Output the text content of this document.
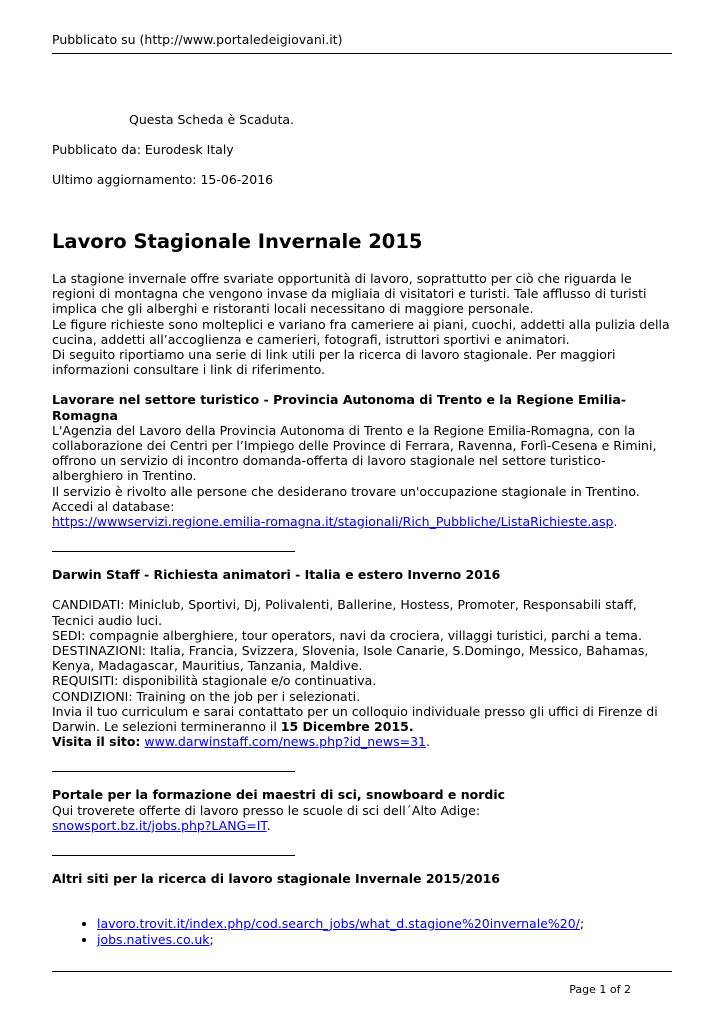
Pubblicato su (http://www.portaledeigiovani.it)
Questa Scheda è Scaduta.
Pubblicato da: Eurodesk Italy
Ultimo aggiornamento: 15-06-2016
Lavoro Stagionale Invernale 2015

La stagione invernale offre svariate opportunità di lavoro, soprattutto per ciò che riguarda le regioni di montagna che vengono invase da migliaia di visitatori e turisti. Tale afflusso di turisti implica che gli alberghi e ristoranti locali necessitano di maggiore personale.

Le figure richieste sono molteplici e variano fra cameriere ai piani, cuochi, addetti alla pulizia della cucina, addetti all’accoglienza e camerieri, fotografi, istruttori sportivi e animatori.

Di seguito riportiamo una serie di link utili per la ricerca di lavoro stagionale. Per maggiori informazioni consultare i link di riferimento.

Lavorare nel settore turistico - Provincia Autonoma di Trento e la Regione Emilia-Romagna

L'Agenzia del Lavoro della Provincia Autonoma di Trento e la Regione Emilia-Romagna, con la collaborazione dei Centri per l’Impiego delle Province di Ferrara, Ravenna, Forlì-Cesena e Rimini, offrono un servizio di incontro domanda-offerta di lavoro stagionale nel settore turistico-alberghiero in Trentino.

Il servizio è rivolto alle persone che desiderano trovare un'occupazione stagionale in Trentino.

Accedi al database:

https://wwwservizi.regione.emilia-romagna.it/stagionali/Rich_Pubbliche/ListaRichieste.asp.

Darwin Staff - Richiesta animatori - Italia e estero Inverno 2016

CANDIDATI: Miniclub, Sportivi, Dj, Polivalenti, Ballerine, Hostess, Promoter, Responsabili staff, Tecnici audio luci.

SEDI: compagnie alberghiere, tour operators, navi da crociera, villaggi turistici, parchi a tema.

DESTINAZIONI: Italia, Francia, Svizzera, Slovenia, Isole Canarie, S.Domingo, Messico, Bahamas, Kenya, Madagascar, Mauritius, Tanzania, Maldive.

REQUISITI: disponibilità stagionale e/o continuativa.

CONDIZIONI: Training on the job per i selezionati.

Invia il tuo curriculum e sarai contattato per un colloquio individuale presso gli uffici di Firenze di Darwin. Le selezioni termineranno il 15 Dicembre 2015.

Visita il sito: www.darwinstaff.com/news.php?id_news=31.

Portale per la formazione dei maestri di sci, snowboard e nordic

Qui troverete offerte di lavoro presso le scuole di sci dell´Alto Adige:

snowsport.bz.it/jobs.php?LANG=IT.

Altri siti per la ricerca di lavoro stagionale Invernale 2015/2016

• lavoro.trovit.it/index.php/cod.search_jobs/what_d.stagione%20invernale%20/;
• jobs.natives.co.uk;
Page 1 of 2
